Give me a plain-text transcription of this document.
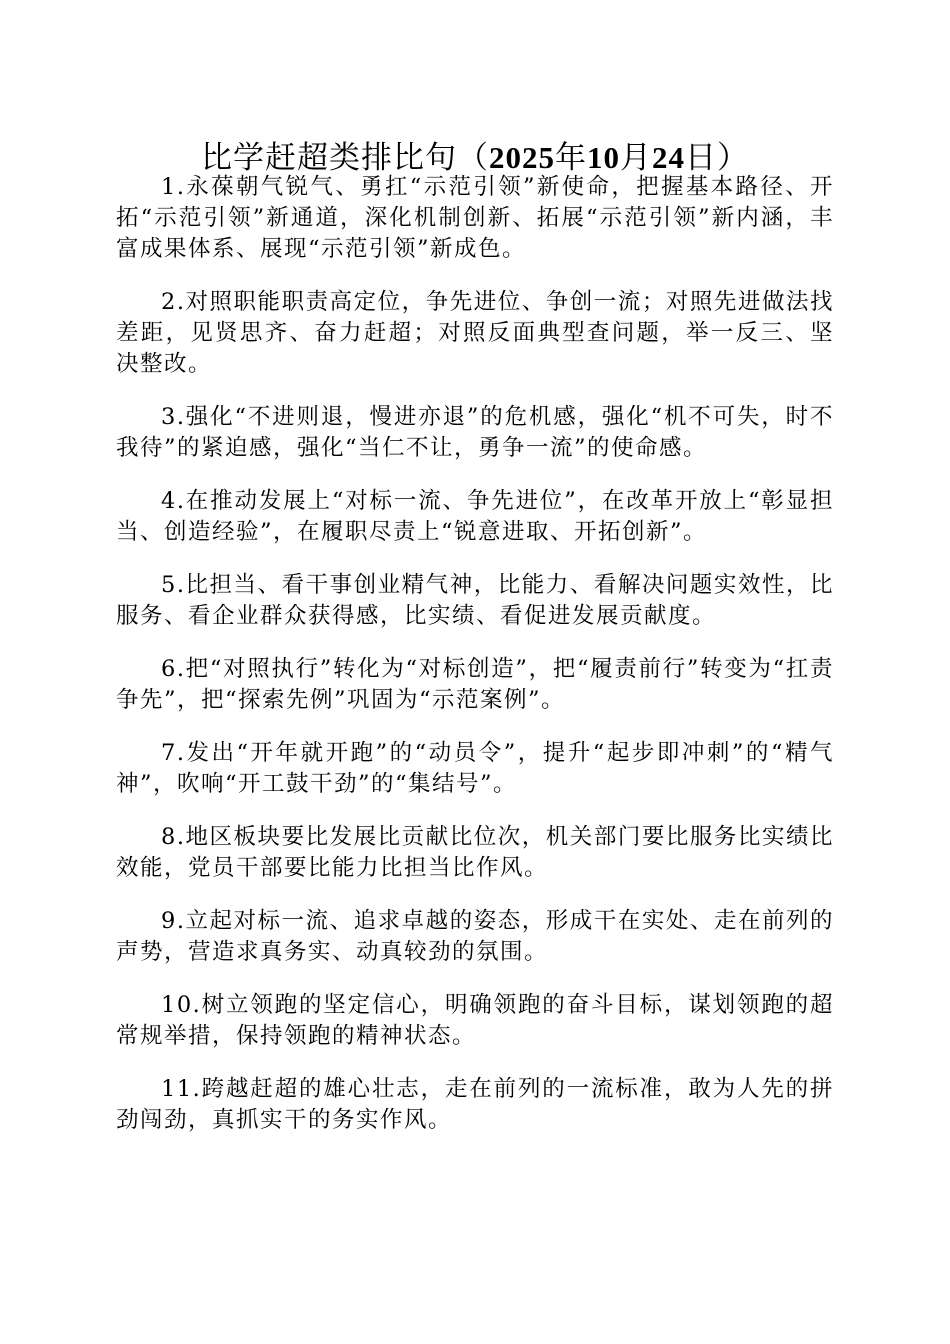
比学赶超类排比句（2025年10月24日）

1.永葆朝气锐气、勇扛“示范引领”新使命，把握基本路径、开拓“示范引领”新通道，深化机制创新、拓展“示范引领”新内涵，丰富成果体系、展现“示范引领”新成色。

2.对照职能职责高定位，争先进位、争创一流；对照先进做法找差距，见贤思齐、奋力赶超；对照反面典型查问题，举一反三、坚决整改。

3.强化“不进则退，慢进亦退”的危机感，强化“机不可失，时不我待”的紧迫感，强化“当仁不让，勇争一流”的使命感。

4.在推动发展上“对标一流、争先进位”，在改革开放上“彰显担当、创造经验”，在履职尽责上“锐意进取、开拓创新”。

5.比担当、看干事创业精气神，比能力、看解决问题实效性，比服务、看企业群众获得感，比实绩、看促进发展贡献度。

6.把“对照执行”转化为“对标创造”，把“履责前行”转变为“扛责争先”，把“探索先例”巩固为“示范案例”。

7.发出“开年就开跑”的“动员令”，提升“起步即冲刺”的“精气神”，吹响“开工鼓干劲”的“集结号”。

8.地区板块要比发展比贡献比位次，机关部门要比服务比实绩比效能，党员干部要比能力比担当比作风。

9.立起对标一流、追求卓越的姿态，形成干在实处、走在前列的声势，营造求真务实、动真较劲的氛围。

10.树立领跑的坚定信心，明确领跑的奋斗目标，谋划领跑的超常规举措，保持领跑的精神状态。

11.跨越赶超的雄心壮志，走在前列的一流标准，敢为人先的拼劲闯劲，真抓实干的务实作风。
